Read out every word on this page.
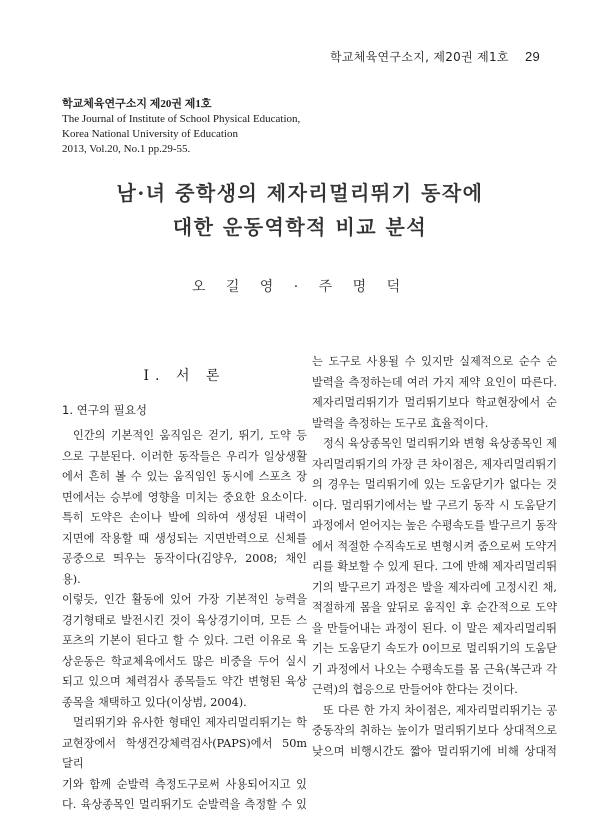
학교체육연구소지, 제20권 제1호 29
학교체육연구소지 제20권 제1호
The Journal of Institute of School Physical Education,
Korea National University of Education
2013, Vol.20, No.1 pp.29-55.
남·녀 중학생의 제자리멀리뛰기 동작에
대한 운동역학적 비교 분석
오 길 영 · 주 명 덕
Ⅰ. 서 론
1. 연구의 필요성

인간의 기본적인 움직임은 걷기, 뛰기, 도약 등

으로 구분된다. 이러한 동작들은 우리가 일상생활

에서 흔히 볼 수 있는 움직임인 동시에 스포츠 장

면에서는 승부에 영향을 미치는 중요한 요소이다.

특히 도약은 손이나 발에 의하여 생성된 내력이

지면에 작용할 때 생성되는 지면반력으로 신체를

공중으로 띄우는 동작이다(김양우, 2008; 채인용).

이렇듯, 인간 활동에 있어 가장 기본적인 능력을

경기형태로 발전시킨 것이 육상경기이며, 모든 스

포츠의 기본이 된다고 할 수 있다. 그런 이유로 육

상운동은 학교체육에서도 많은 비중을 두어 실시

되고 있으며 체력검사 종목들도 약간 변형된 육상

종목을 채택하고 있다(이상범, 2004).

멀리뛰기와 유사한 형태인 제자리멀리뛰기는 학

교현장에서 학생건강체력검사(PAPS)에서 50m 달리

기와 함께 순발력 측정도구로써 사용되어지고 있

다. 육상종목인 멀리뛰기도 순발력을 측정할 수 있

는 도구로 사용될 수 있지만 실제적으로 순수 순

발력을 측정하는데 여러 가지 제약 요인이 따른다.

제자리멀리뛰기가 멀리뛰기보다 학교현장에서 순

발력을 측정하는 도구로 효율적이다.

정식 육상종목인 멀리뛰기와 변형 육상종목인 제

자리멀리뛰기의 가장 큰 차이점은, 제자리멀리뛰기

의 경우는 멀리뛰기에 있는 도움닫기가 없다는 것

이다. 멀리뛰기에서는 발 구르기 동작 시 도움닫기

과정에서 얻어지는 높은 수평속도를 발구르기 동작

에서 적절한 수직속도로 변형시켜 줌으로써 도약거

리를 확보할 수 있게 된다. 그에 반해 제자리멀리뛰

기의 발구르기 과정은 발을 제자리에 고정시킨 채,

적절하게 몸을 앞뒤로 움직인 후 순간적으로 도약

을 만들어내는 과정이 된다. 이 말은 제자리멀리뛰

기는 도움닫기 속도가 0이므로 멀리뛰기의 도움닫

기 과정에서 나오는 수평속도를 몸 근육(복근과 각

근력)의 협응으로 만들어야 한다는 것이다.

또 다른 한 가지 차이점은, 제자리멀리뛰기는 공

중동작의 취하는 높이가 멀리뛰기보다 상대적으로

낮으며 비행시간도 짧아 멀리뛰기에 비해 상대적
